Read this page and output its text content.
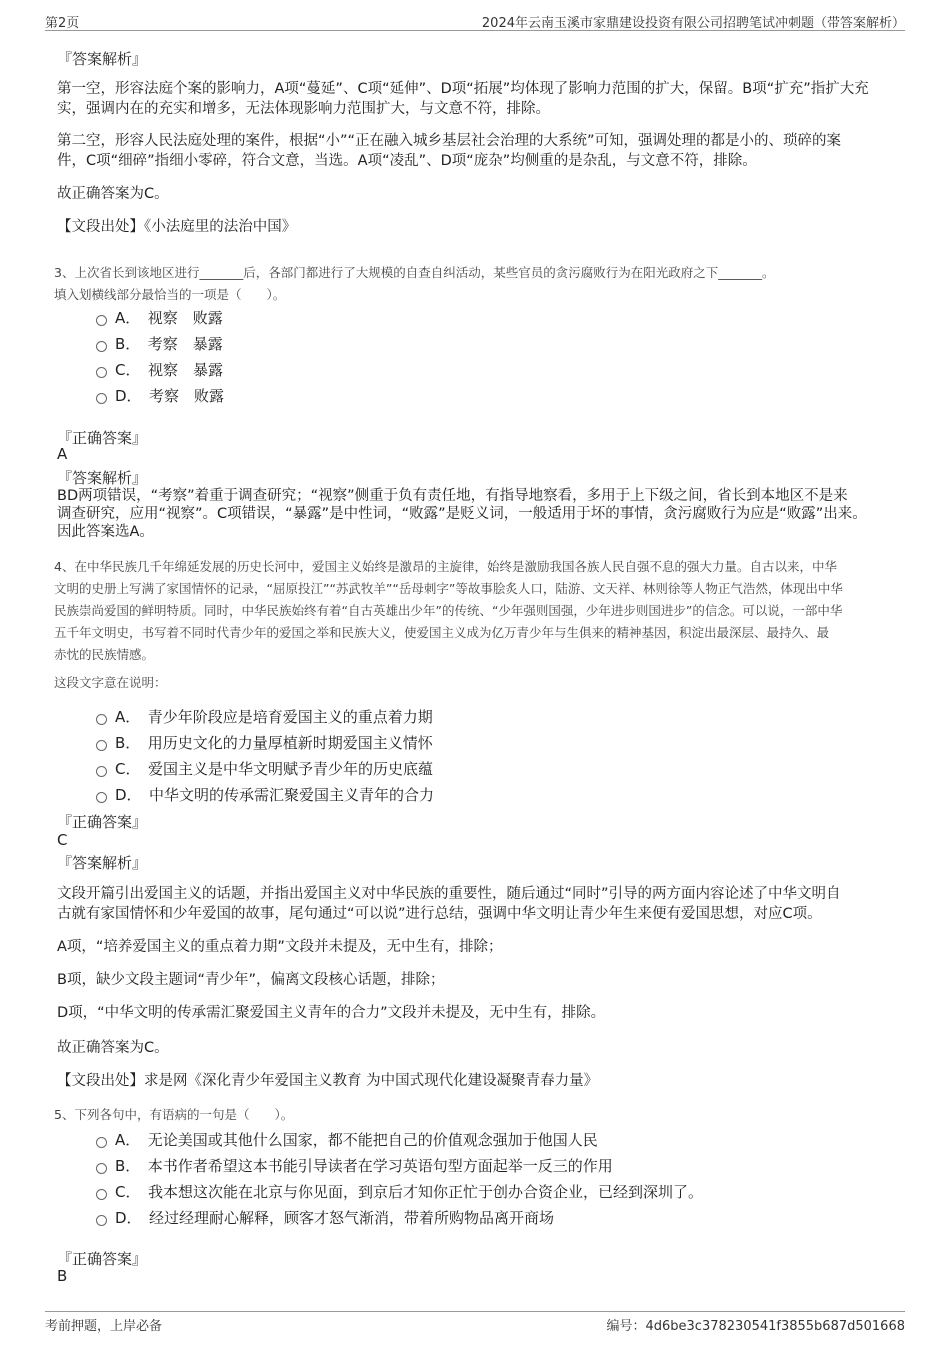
第2页	2024年云南玉溪市家鼎建设投资有限公司招聘笔试冲刺题（带答案解析）
『答案解析』
第一空，形容法庭个案的影响力，A项“蔓延”、C项“延伸”、D项“拓展”均体现了影响力范围的扩大，保留。B项“扩充”指扩大充
实，强调内在的充实和增多，无法体现影响力范围扩大，与文意不符，排除。
第二空，形容人民法庭处理的案件，根据“小”“正在融入城乡基层社会治理的大系统”可知，强调处理的都是小的、琐碎的案
件，C项“细碎”指细小零碎，符合文意，当选。A项“凌乱”、D项“庞杂”均侧重的是杂乱，与文意不符，排除。
故正确答案为C。
【文段出处】《小法庭里的法治中国》
3、上次省长到该地区进行_______后，各部门都进行了大规模的自查自纠活动，某些官员的贪污腐败行为在阳光政府之下_______。
填入划横线部分最恰当的一项是（　　）。
A．　视察　败露
B．　考察　暴露
C．　视察　暴露
D．　考察　败露
『正确答案』
A
『答案解析』
BD两项错误，“考察”着重于调查研究；“视察”侧重于负有责任地，有指导地察看，多用于上下级之间，省长到本地区不是来
调查研究，应用“视察”。C项错误，“暴露”是中性词，“败露”是贬义词，一般适用于坏的事情，贪污腐败行为应是“败露”出来。
因此答案选A。
4、在中华民族几千年绵延发展的历史长河中，爱国主义始终是激昂的主旋律，始终是激励我国各族人民自强不息的强大力量。自古以来，中华
文明的史册上写满了家国情怀的记录，“屈原投江”“苏武牧羊”“岳母刺字”等故事脍炙人口，陆游、文天祥、林则徐等人物正气浩然，体现出中华
民族崇尚爱国的鲜明特质。同时，中华民族始终有着“自古英雄出少年”的传统、“少年强则国强，少年进步则国进步”的信念。可以说，一部中华
五千年文明史，书写着不同时代青少年的爱国之举和民族大义，使爱国主义成为亿万青少年与生俱来的精神基因，积淀出最深层、最持久、最
赤忱的民族情感。
这段文字意在说明：
A．　青少年阶段应是培育爱国主义的重点着力期
B．　用历史文化的力量厚植新时期爱国主义情怀
C．　爱国主义是中华文明赋予青少年的历史底蕴
D．　中华文明的传承需汇聚爱国主义青年的合力
『正确答案』
C
『答案解析』
文段开篇引出爱国主义的话题，并指出爱国主义对中华民族的重要性，随后通过“同时”引导的两方面内容论述了中华文明自
古就有家国情怀和少年爱国的故事，尾句通过“可以说”进行总结，强调中华文明让青少年生来便有爱国思想，对应C项。
A项，“培养爱国主义的重点着力期”文段并未提及，无中生有，排除；
B项，缺少文段主题词“青少年”，偏离文段核心话题，排除；
D项，“中华文明的传承需汇聚爱国主义青年的合力”文段并未提及，无中生有，排除。
故正确答案为C。
【文段出处】求是网《深化青少年爱国主义教育 为中国式现代化建设凝聚青春力量》
5、下列各句中，有语病的一句是（　　）。
A．　无论美国或其他什么国家，都不能把自己的价值观念强加于他国人民
B．　本书作者希望这本书能引导读者在学习英语句型方面起举一反三的作用
C．　我本想这次能在北京与你见面，到京后才知你正忙于创办合资企业，已经到深圳了。
D．　经过经理耐心解释，顾客才怒气渐消，带着所购物品离开商场
『正确答案』
B
考前押题，上岸必备	编号：4d6be3c378230541f3855b687d501668
